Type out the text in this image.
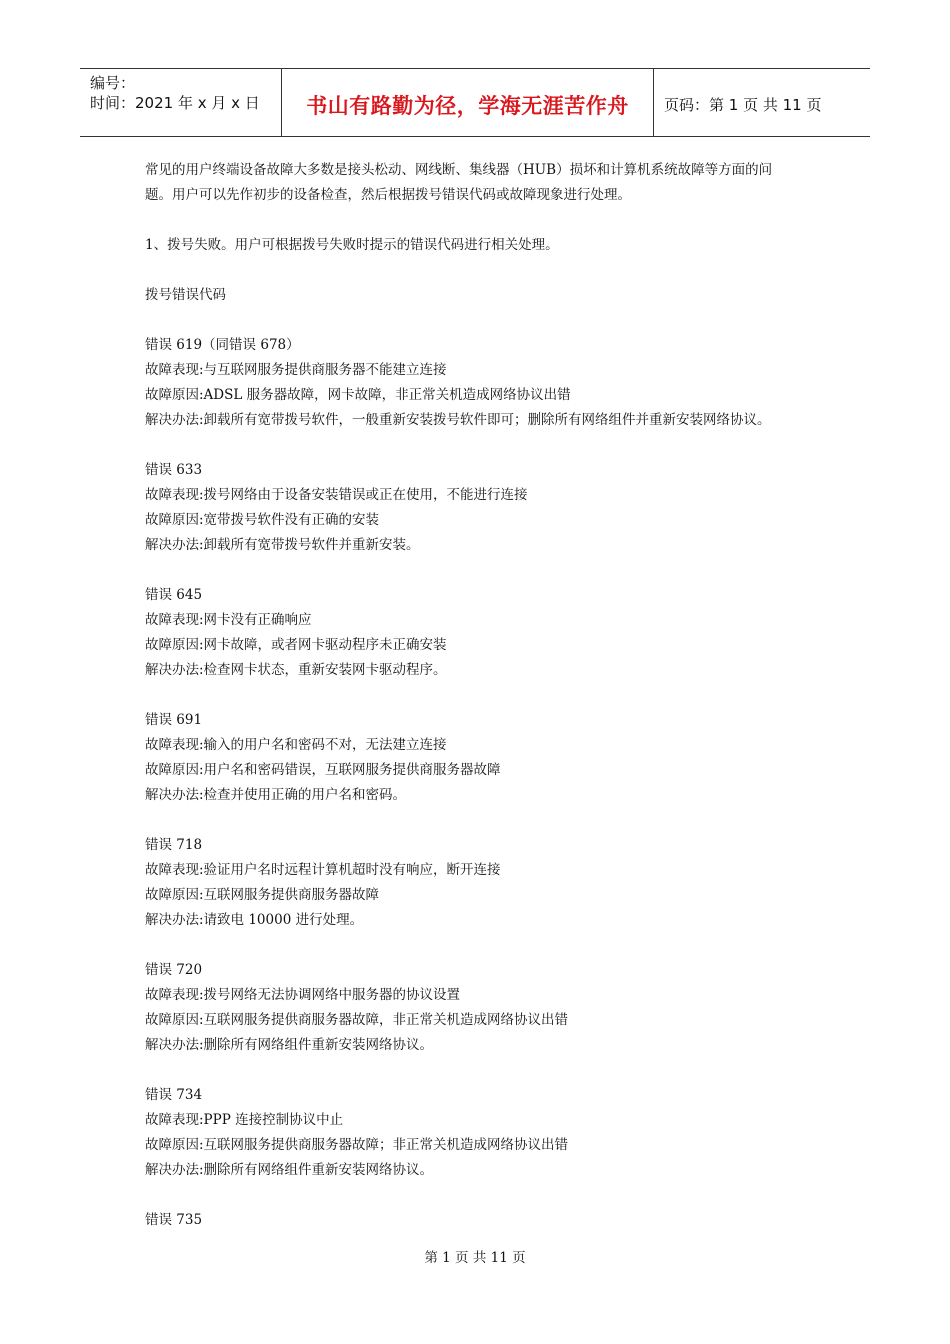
编号：
时间：2021 年 x 月 x 日	书山有路勤为径，学海无涯苦作舟 页码：第 1 页 共 11 页
常见的用户终端设备故障大多数是接头松动、网线断、集线器（HUB）损坏和计算机系统故障等方面的问
题。用户可以先作初步的设备检查，然后根据拨号错误代码或故障现象进行处理。
1、拨号失败。用户可根据拨号失败时提示的错误代码进行相关处理。
拨号错误代码
错误 619（同错误 678）
故障表现:与互联网服务提供商服务器不能建立连接
故障原因:ADSL 服务器故障，网卡故障，非正常关机造成网络协议出错
解决办法:卸载所有宽带拨号软件，一般重新安装拨号软件即可；删除所有网络组件并重新安装网络协议。
错误 633
故障表现:拨号网络由于设备安装错误或正在使用，不能进行连接
故障原因:宽带拨号软件没有正确的安装
解决办法:卸载所有宽带拨号软件并重新安装。
错误 645
故障表现:网卡没有正确响应
故障原因:网卡故障，或者网卡驱动程序未正确安装
解决办法:检查网卡状态，重新安装网卡驱动程序。
错误 691
故障表现:输入的用户名和密码不对，无法建立连接
故障原因:用户名和密码错误，互联网服务提供商服务器故障
解决办法:检查并使用正确的用户名和密码。
错误 718
故障表现:验证用户名时远程计算机超时没有响应，断开连接
故障原因:互联网服务提供商服务器故障
解决办法:请致电 10000 进行处理。
错误 720
故障表现:拨号网络无法协调网络中服务器的协议设置
故障原因:互联网服务提供商服务器故障，非正常关机造成网络协议出错
解决办法:删除所有网络组件重新安装网络协议。
错误 734
故障表现:PPP 连接控制协议中止
故障原因:互联网服务提供商服务器故障；非正常关机造成网络协议出错
解决办法:删除所有网络组件重新安装网络协议。
错误 735
第 1 页 共 11 页
